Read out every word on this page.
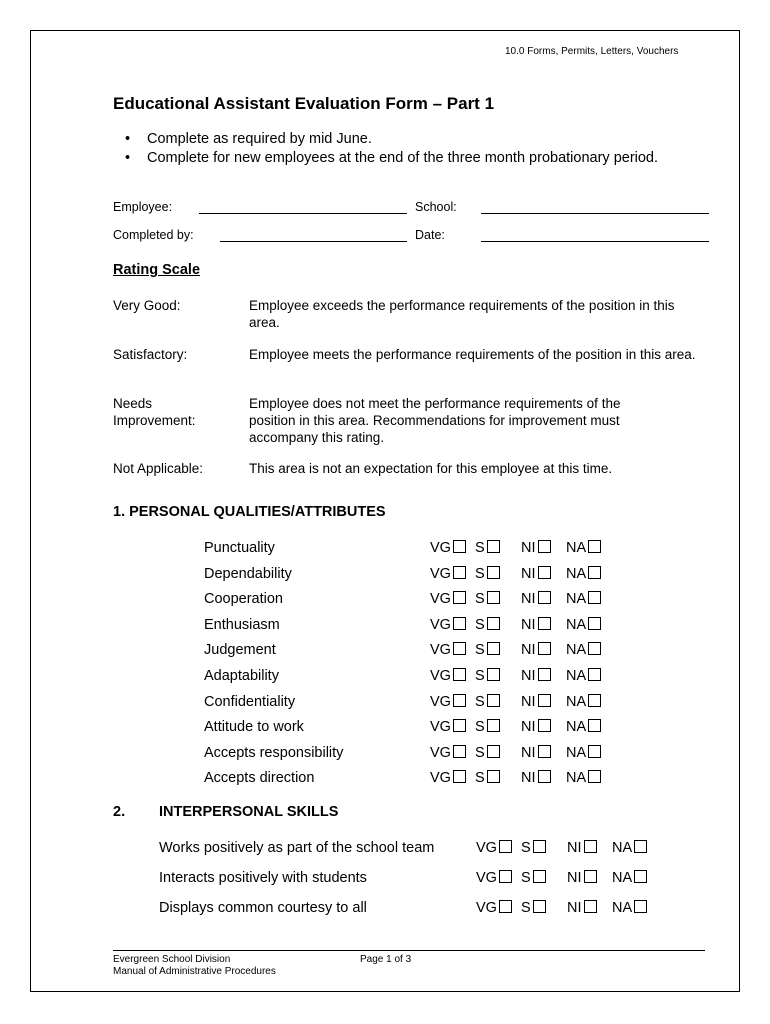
10.0 Forms, Permits, Letters, Vouchers
Educational Assistant Evaluation Form – Part 1
• Complete as required by mid June.
• Complete for new employees at the end of the three month probationary period.
Employee:	School:
Completed by:	Date:
Rating Scale
Very Good:	Employee exceeds the performance requirements of the position in this area.
Satisfactory:	Employee meets the performance requirements of the position in this area.
Needs
Improvement:
Employee does not meet the performance requirements of the position in this area. Recommendations for improvement must accompany this rating.
Not Applicable:	This area is not an expectation for this employee at this time.
1. PERSONAL QUALITIES/ATTRIBUTES
Punctuality	VG	S	NI	NA
Dependability	VG	S	NI	NA
Cooperation	VG	S	NI	NA
Enthusiasm	VG	S	NI	NA
Judgement	VG	S	NI	NA
Adaptability	VG	S	NI	NA
Confidentiality	VG	S	NI	NA
Attitude to work	VG	S	NI	NA
Accepts responsibility	VG	S	NI	NA
Accepts direction	VG	S	NI	NA
2. INTERPERSONAL SKILLS
Works positively as part of the school team	VG	S	NI	NA
Interacts positively with students	VG	S	NI	NA
Displays common courtesy to all	VG	S	NI	NA
Evergreen School Division
Manual of Administrative Procedures
Page 1 of 3
